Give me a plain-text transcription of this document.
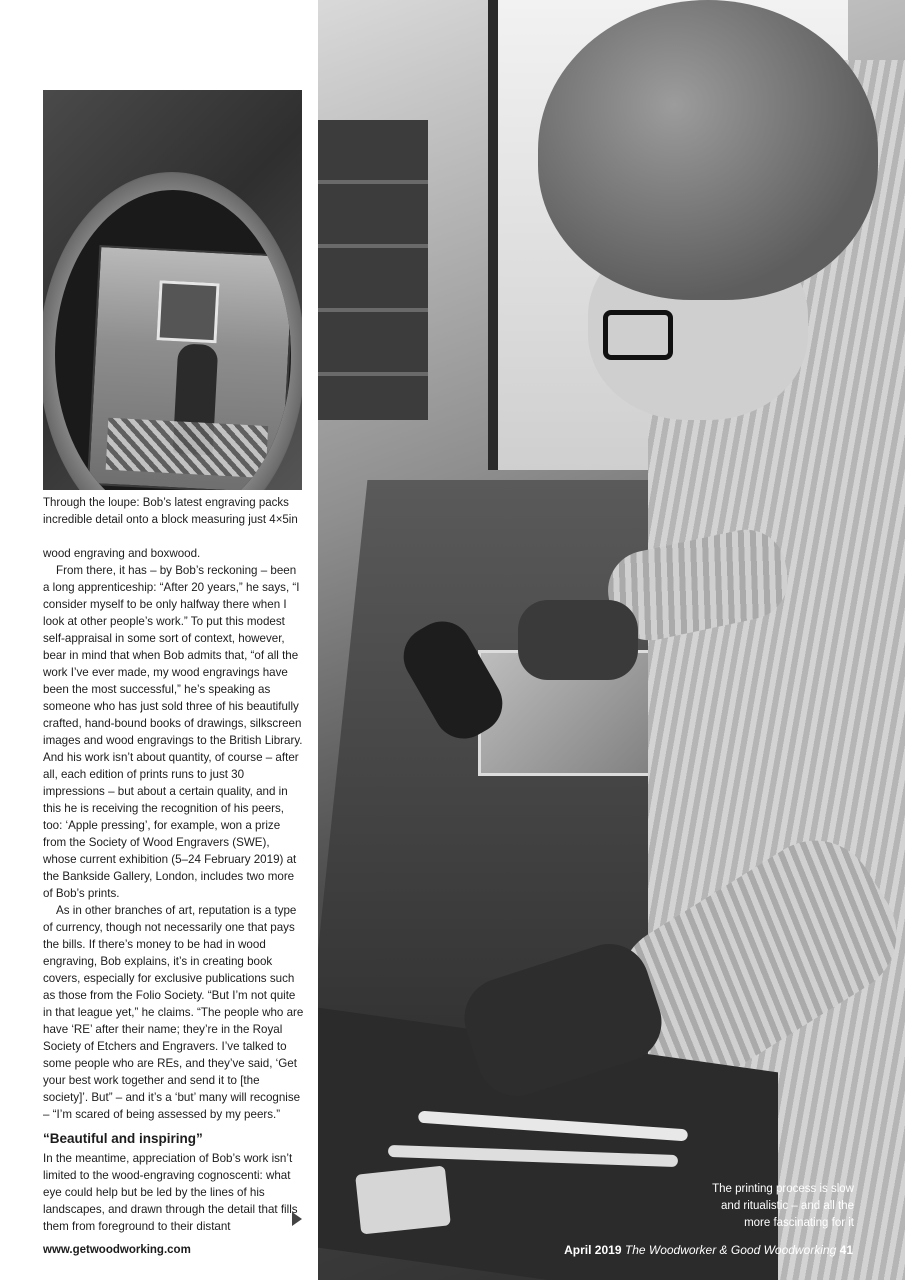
Through the loupe: Bob’s latest engraving packs incredible detail onto a block measuring just 4×5in

wood engraving and boxwood.

From there, it has – by Bob’s reckoning – been a long apprenticeship: “After 20 years,” he says, “I consider myself to be only halfway there when I look at other people’s work.” To put this modest self-appraisal in some sort of context, however, bear in mind that when Bob admits that, “of all the work I’ve ever made, my wood engravings have been the most successful,” he’s speaking as someone who has just sold three of his beautifully crafted, hand-bound books of drawings, silkscreen images and wood engravings to the British Library. And his work isn’t about quantity, of course – after all, each edition of prints runs to just 30 impressions – but about a certain quality, and in this he is receiving the recognition of his peers, too: ‘Apple pressing’, for example, won a prize from the Society of Wood Engravers (SWE), whose current exhibition (5–24 February 2019) at the Bankside Gallery, London, includes two more of Bob’s prints.

As in other branches of art, reputation is a type of currency, though not necessarily one that pays the bills. If there’s money to be had in wood engraving, Bob explains, it’s in creating book covers, especially for exclusive publications such as those from the Folio Society. “But I’m not quite in that league yet,” he claims. “The people who are have ‘RE’ after their name; they’re in the Royal Society of Etchers and Engravers. I’ve talked to some people who are REs, and they’ve said, ‘Get your best work together and send it to [the society]’. But” – and it’s a ‘but’ many will recognise – “I’m scared of being assessed by my peers.”

“Beautiful and inspiring”
In the meantime, appreciation of Bob’s work isn’t limited to the wood-engraving cognoscenti: what eye could help but be led by the lines of his landscapes, and drawn through the detail that fills them from foreground to their distant
www.getwoodworking.com

The printing process is slow

and ritualistic – and all the

more fascinating for it

April 2019 The Woodworker & Good Woodworking 41
